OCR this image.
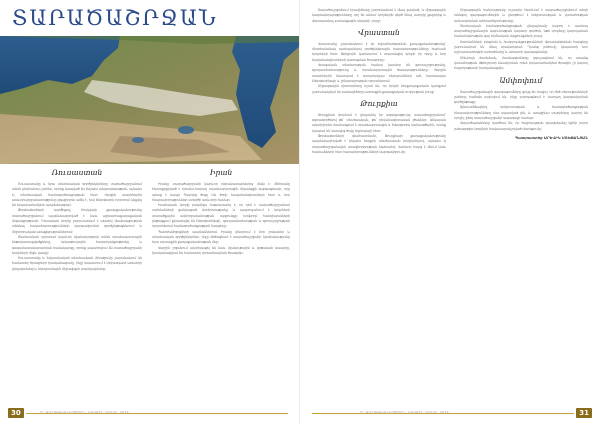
ՏԱՐԱԾԱՇՐՋԱՆ
Ռուսաստան
Ռուսաստանը և նրա տնտեսական գործընկերները տարածաշրջանում ունեն ընդհանուր շահեր, որոնք կապված են ինչպես անվտանգության, այնպես էլ տնտեսական համագործակցության հետ։ Վերջին տարիներին առևտրաշրջանառությունը զգալիորեն աճել է, իսկ էներգետիկ ոլորտում կնքվել են երկարաժամկետ պայմանագրեր։
Փորձագետների կարծիքով, Մոսկվայի քաղաքականությունը տարածաշրջանում պայմանավորված է նաև աշխարհաքաղաքական մրցակցությամբ։ Ռուսական կողմը շարունակում է ակտիվ մասնակցություն ունենալ հակամարտությունների կարգավորման գործընթացներում և միջնորդական առաքելություններում։
Տնտեսական ոլորտում կարևոր նշանակություն ունեն տրանսպորտային ենթակառուցվածքները, երկաթուղային հաղորդակցությունը և գազամատակարարման համակարգը, որոնք ապահովում են տարածաշրջանի երկրների միջև կապը։
Ռուսաստանը և Եվրասիական տնտեսական միությունը շարունակում են համատեղ ծրագրերի իրականացումը, ինչը նպաստում է փոխադարձ առևտրի ընդլայնմանը և ներդրումային միջավայրի բարելավմանը։
Իրան
Իրանը տարածաշրջանի կարևոր դերակատարներից մեկն է։ Թեհրանը հետաքրքրված է հյուսիս-հարավ տրանսպորտային միջանցքի զարգացմամբ, որը պետք է կապի Պարսից ծոցը Սև ծովի նավահանգիստների հետ և նոր հնարավորություններ ստեղծի առևտրի համար։
Իրանական կողմը բազմիցս հայտարարել է, որ դեմ է տարածաշրջանում սահմանների ցանկացած փոփոխությանը և պաշտպանում է երկրների տարածքային ամբողջականության սկզբունքը։ Երկկողմ հանդիպումների ընթացքում քննարկվել են էներգետիկայի, գյուղատնտեսության և զբոսաշրջության ոլորտներում համագործակցության հարցերը։
Պատժամիջոցների պայմաններում Իրանը փնտրում է նոր շուկաներ և տնտեսական գործընկերներ, ինչը մեծացնում է տարածաշրջանի նշանակությունը նրա արտաքին քաղաքականության մեջ։
Վերջին շրջանում ակտիվացել են նաև մշակութային և կրթական կապերը, իրականացվում են համատեղ փոխանակման ծրագրեր։
30	ԻՐ ՔԱՂԱՔԱԿԱՆՈՒԹՅՈՒՆ, ԱՌԱՋԻՆ ՀԱՄԱՐ, 2024
Տարածաշրջանում իրավիճակը շարունակում է մնալ լարված, և միջազգային կազմակերպությունները կոչ են անում կողմերին զերծ մնալ սադրիչ քայլերից և վերադառնալ բանակցային սեղանի շուրջ։
Վրաստան
Վրաստանը շարունակում է իր եվրաինտեգրման քաղաքականությունը՝ միաժամանակ պահպանելով գործընկերային հարաբերությունները հարևան երկրների հետ։ Թբիլիսին կարևորում է տարանցիկ երկրի իր դերը և նոր նավահանգիստների կառուցման ծրագրերը։
Վրացական տնտեսության համար կարևոր են զբոսաշրջությունը, գյուղատնտեսությունը և տրանսպորտային ծառայությունները։ Վերջին տարիներին նկատվում է օտարերկրյա ներդրումների աճ, հատկապես էներգետիկայի և շինարարության ոլորտներում։
Միջազգային դիտորդները նշում են, որ երկրի ներքաղաքական կյանքում շարունակվում են բանավեճերը արտաքին քաղաքական ուղղության շուրջ։
Թուրքիա
Թուրքիան փորձում է ընդլայնել իր ազդեցությունը տարածաշրջանում՝ օգտագործելով թե՛ տնտեսական, թե՛ դիվանագիտական լծակներ։ Անկարան ակտիվորեն մասնակցում է տրանսպորտային և էներգետիկ նախագծերին, որոնք կապում են Կասպից ծովը Եվրոպայի հետ։
Փորձագետների գնահատմամբ, Թուրքիայի քաղաքականությունը պայմանավորված է ինչպես ներքին տնտեսական խնդիրներով, այնպես էլ տարածաշրջանային առաջնորդության ձգտումով։ Կարևոր հարց է մնում նաև հարևանների հետ հարաբերությունների կարգավորումը։
Միջազգային հանրությունը ուշադիր հետևում է տարածաշրջանում տեղի ունեցող զարգացումներին և ընդգծում է երկխոսության և վստահության ամրապնդման անհրաժեշտությունը։
Տնտեսական համագործակցության ընդլայնումը կարող է դառնալ տարածաշրջանային կայունության կարևոր գործոն, եթե կողմերը կարողանան համաձայնության գալ հիմնական սկզբունքների շուրջ։
Սահմանների բացման և հաղորդակցությունների վերականգնման հարցերը շարունակում են մնալ օրակարգում։ Դրանց լուծումը կնպաստի նոր աշխատատեղերի ստեղծմանը և առևտրի զարգացմանը։
Միևնույն ժամանակ, մասնագետները զգուշացնում են, որ առանց վստահության մթնոլորտի ձևավորման որևէ երկարաժամկետ ծրագիր չի կարող հաջողությամբ իրականացվել։
Ամփոփում
Տարածաշրջանային զարգացումները ցույց են տալիս, որ մեծ տերությունների շահերը հաճախ բախվում են, ինչը բարդացնում է խաղաղ կարգավորման գործընթացը։
Այնուամենայնիվ, երկխոսության և համագործակցության հնարավորությունները դեռ սպառված չեն, և առաջիկա տարիները կարող են որոշիչ լինել տարածաշրջանի ապագայի համար։
Վերլուծաբանները կարծում են, որ հաջողության գրավականը կլինի բոլոր շահագրգիռ կողմերի հավասարակշռված մոտեցումը։
Պատրաստեց ԱՐԵՎԻԿ ՍՏԵՓԱՆՅԱՆ
ԻՐ ՔԱՂԱՔԱԿԱՆՈՒԹՅՈՒՆ, ԱՌԱՋԻՆ ՀԱՄԱՐ, 2024	31
